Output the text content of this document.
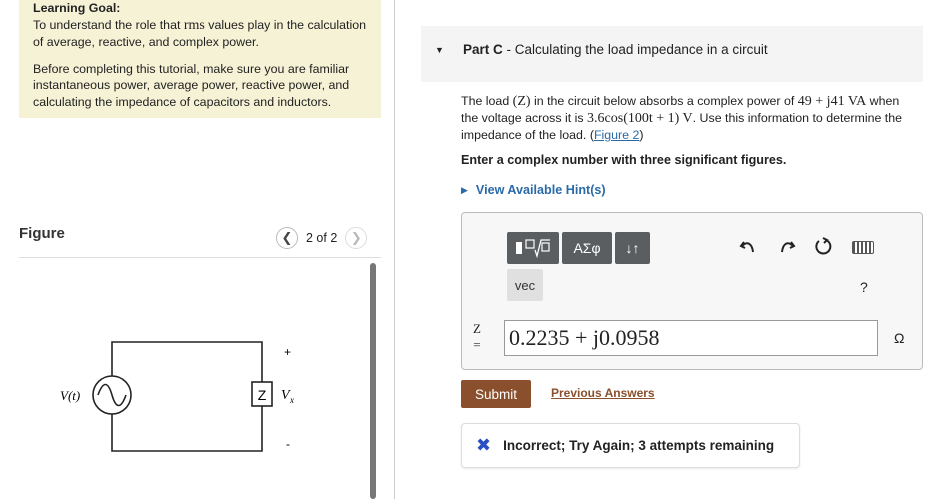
Learning Goal:

To understand the role that rms values play in the calculation of average, reactive, and complex power.

Before completing this tutorial, make sure you are familiar instantaneous power, average power, reactive power, and calculating the impedance of capacitors and inductors.

Figure	❮	2 of 2	❯
Z
V(t)	V x
+
-
▼ Part C - Calculating the load impedance in a circuit
The load (Z) in the circuit below absorbs a complex power of 49 + j41 VA when the voltage across it is 3.6cos(100t + 1) V. Use this information to determine the impedance of the load. (Figure 2)
Enter a complex number with three significant figures.
▶ View Available Hint(s)
ΑΣφ	↓↑
vec	?
Z
= 0.2235 + j0.0958	Ω
Submit	Previous Answers
✖ Incorrect; Try Again; 3 attempts remaining
